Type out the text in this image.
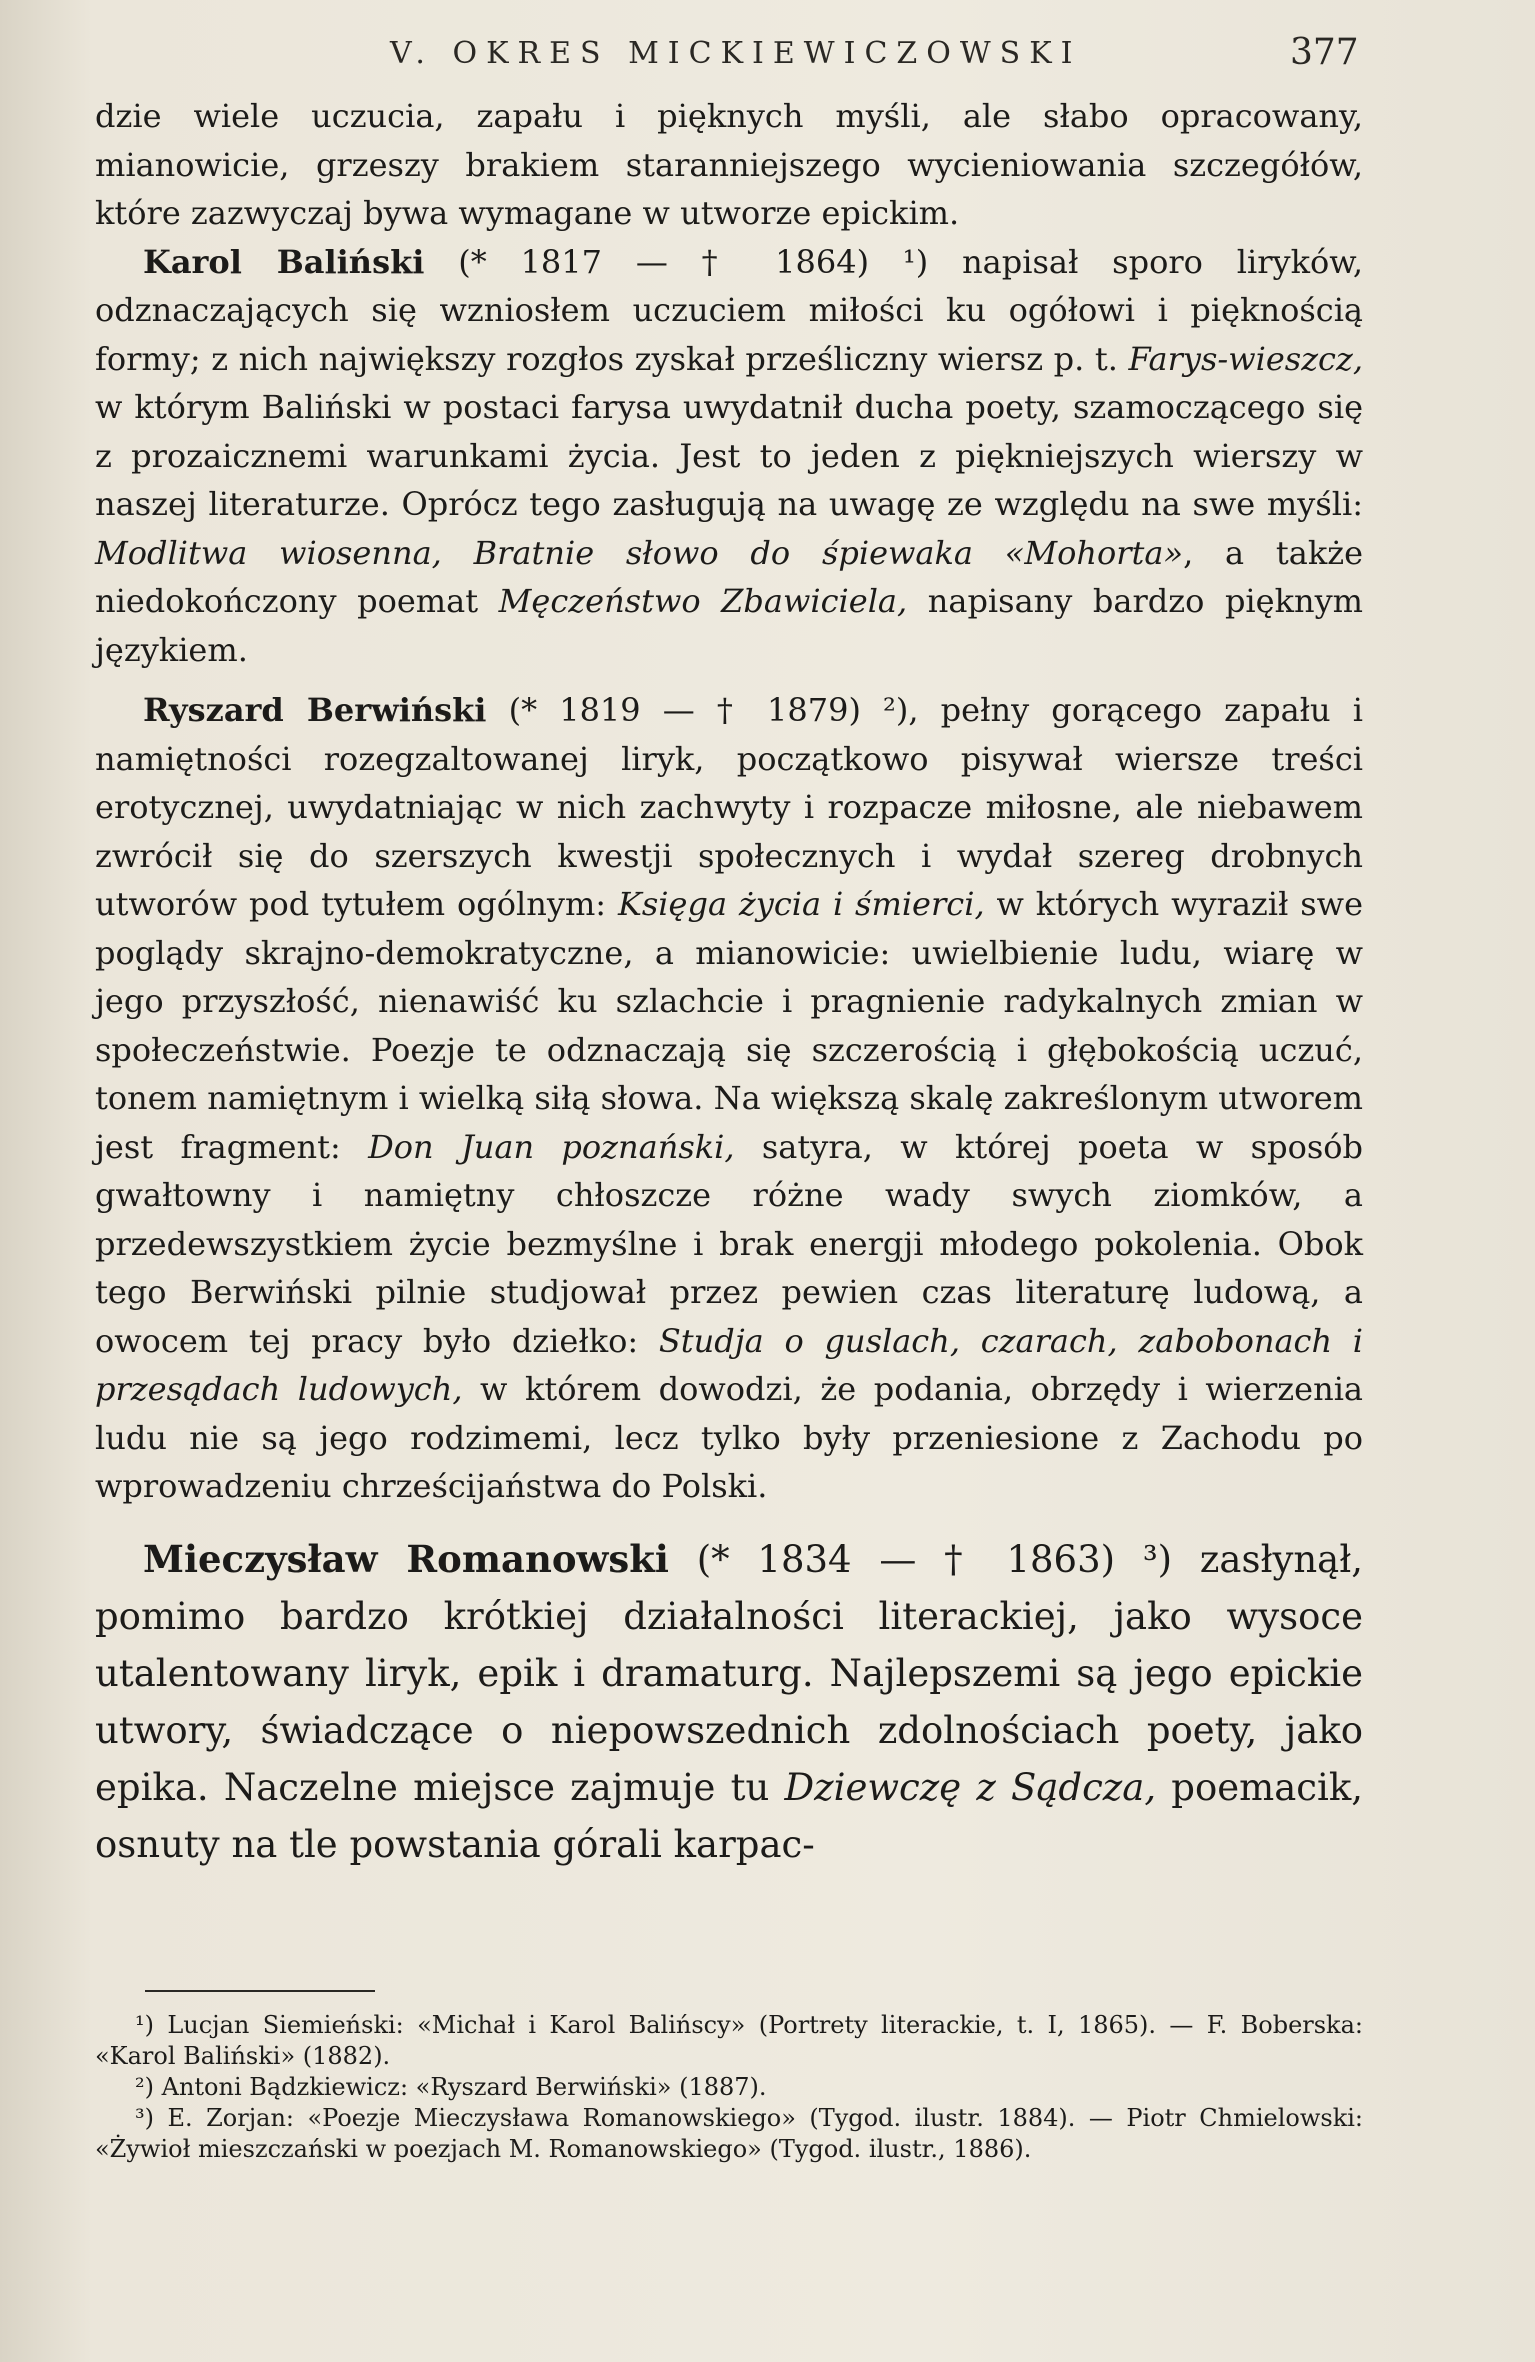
V. OKRES MICKIEWICZOWSKI	377

dzie wiele uczucia, zapału i pięknych myśli, ale słabo opracowany, mianowicie, grzeszy brakiem staranniejszego wycieniowania szczegółów, które zazwyczaj bywa wymagane w utworze epickim.

Karol Baliński (* 1817 — † 1864) ¹) napisał sporo liryków, odznaczających się wzniosłem uczuciem miłości ku ogółowi i pięknością formy; z nich największy rozgłos zyskał prześliczny wiersz p. t. Farys-wieszcz, w którym Baliński w postaci farysa uwydatnił ducha poety, szamoczącego się z prozaicznemi warunkami życia. Jest to jeden z piękniejszych wierszy w naszej literaturze. Oprócz tego zasługują na uwagę ze względu na swe myśli: Modlitwa wiosenna, Bratnie słowo do śpiewaka «Mohorta», a także niedokończony poemat Męczeństwo Zbawiciela, napisany bardzo pięknym językiem.

Ryszard Berwiński (* 1819 — † 1879) ²), pełny gorącego zapału i namiętności rozegzaltowanej liryk, początkowo pisywał wiersze treści erotycznej, uwydatniając w nich zachwyty i rozpacze miłosne, ale niebawem zwrócił się do szerszych kwestji społecznych i wydał szereg drobnych utworów pod tytułem ogólnym: Księga życia i śmierci, w których wyraził swe poglądy skrajno-demokratyczne, a mianowicie: uwielbienie ludu, wiarę w jego przyszłość, nienawiść ku szlachcie i pragnienie radykalnych zmian w społeczeństwie. Poezje te odznaczają się szczerością i głębokością uczuć, tonem namiętnym i wielką siłą słowa. Na większą skalę zakreślonym utworem jest fragment: Don Juan poznański, satyra, w której poeta w sposób gwałtowny i namiętny chłoszcze różne wady swych ziomków, a przedewszystkiem życie bezmyślne i brak energji młodego pokolenia. Obok tego Berwiński pilnie studjował przez pewien czas literaturę ludową, a owocem tej pracy było dziełko: Studja o guslach, czarach, zabobonach i przesądach ludowych, w którem dowodzi, że podania, obrzędy i wierzenia ludu nie są jego rodzimemi, lecz tylko były przeniesione z Zachodu po wprowadzeniu chrześcijaństwa do Polski.

Mieczysław Romanowski (* 1834 — † 1863) ³) zasłynął, pomimo bardzo krótkiej działalności literackiej, jako wysoce utalentowany liryk, epik i dramaturg. Najlepszemi są jego epickie utwory, świadczące o niepowszednich zdolnościach poety, jako epika. Naczelne miejsce zajmuje tu Dziewczę z Sądcza, poemacik, osnuty na tle powstania górali karpac-

¹) Lucjan Siemieński: «Michał i Karol Balińscy» (Portrety literackie, t. I, 1865). — F. Boberska: «Karol Baliński» (1882).

²) Antoni Bądzkiewicz: «Ryszard Berwiński» (1887).

³) E. Zorjan: «Poezje Mieczysława Romanowskiego» (Tygod. ilustr. 1884). — Piotr Chmielowski: «Żywioł mieszczański w poezjach M. Romanowskiego» (Tygod. ilustr., 1886).
